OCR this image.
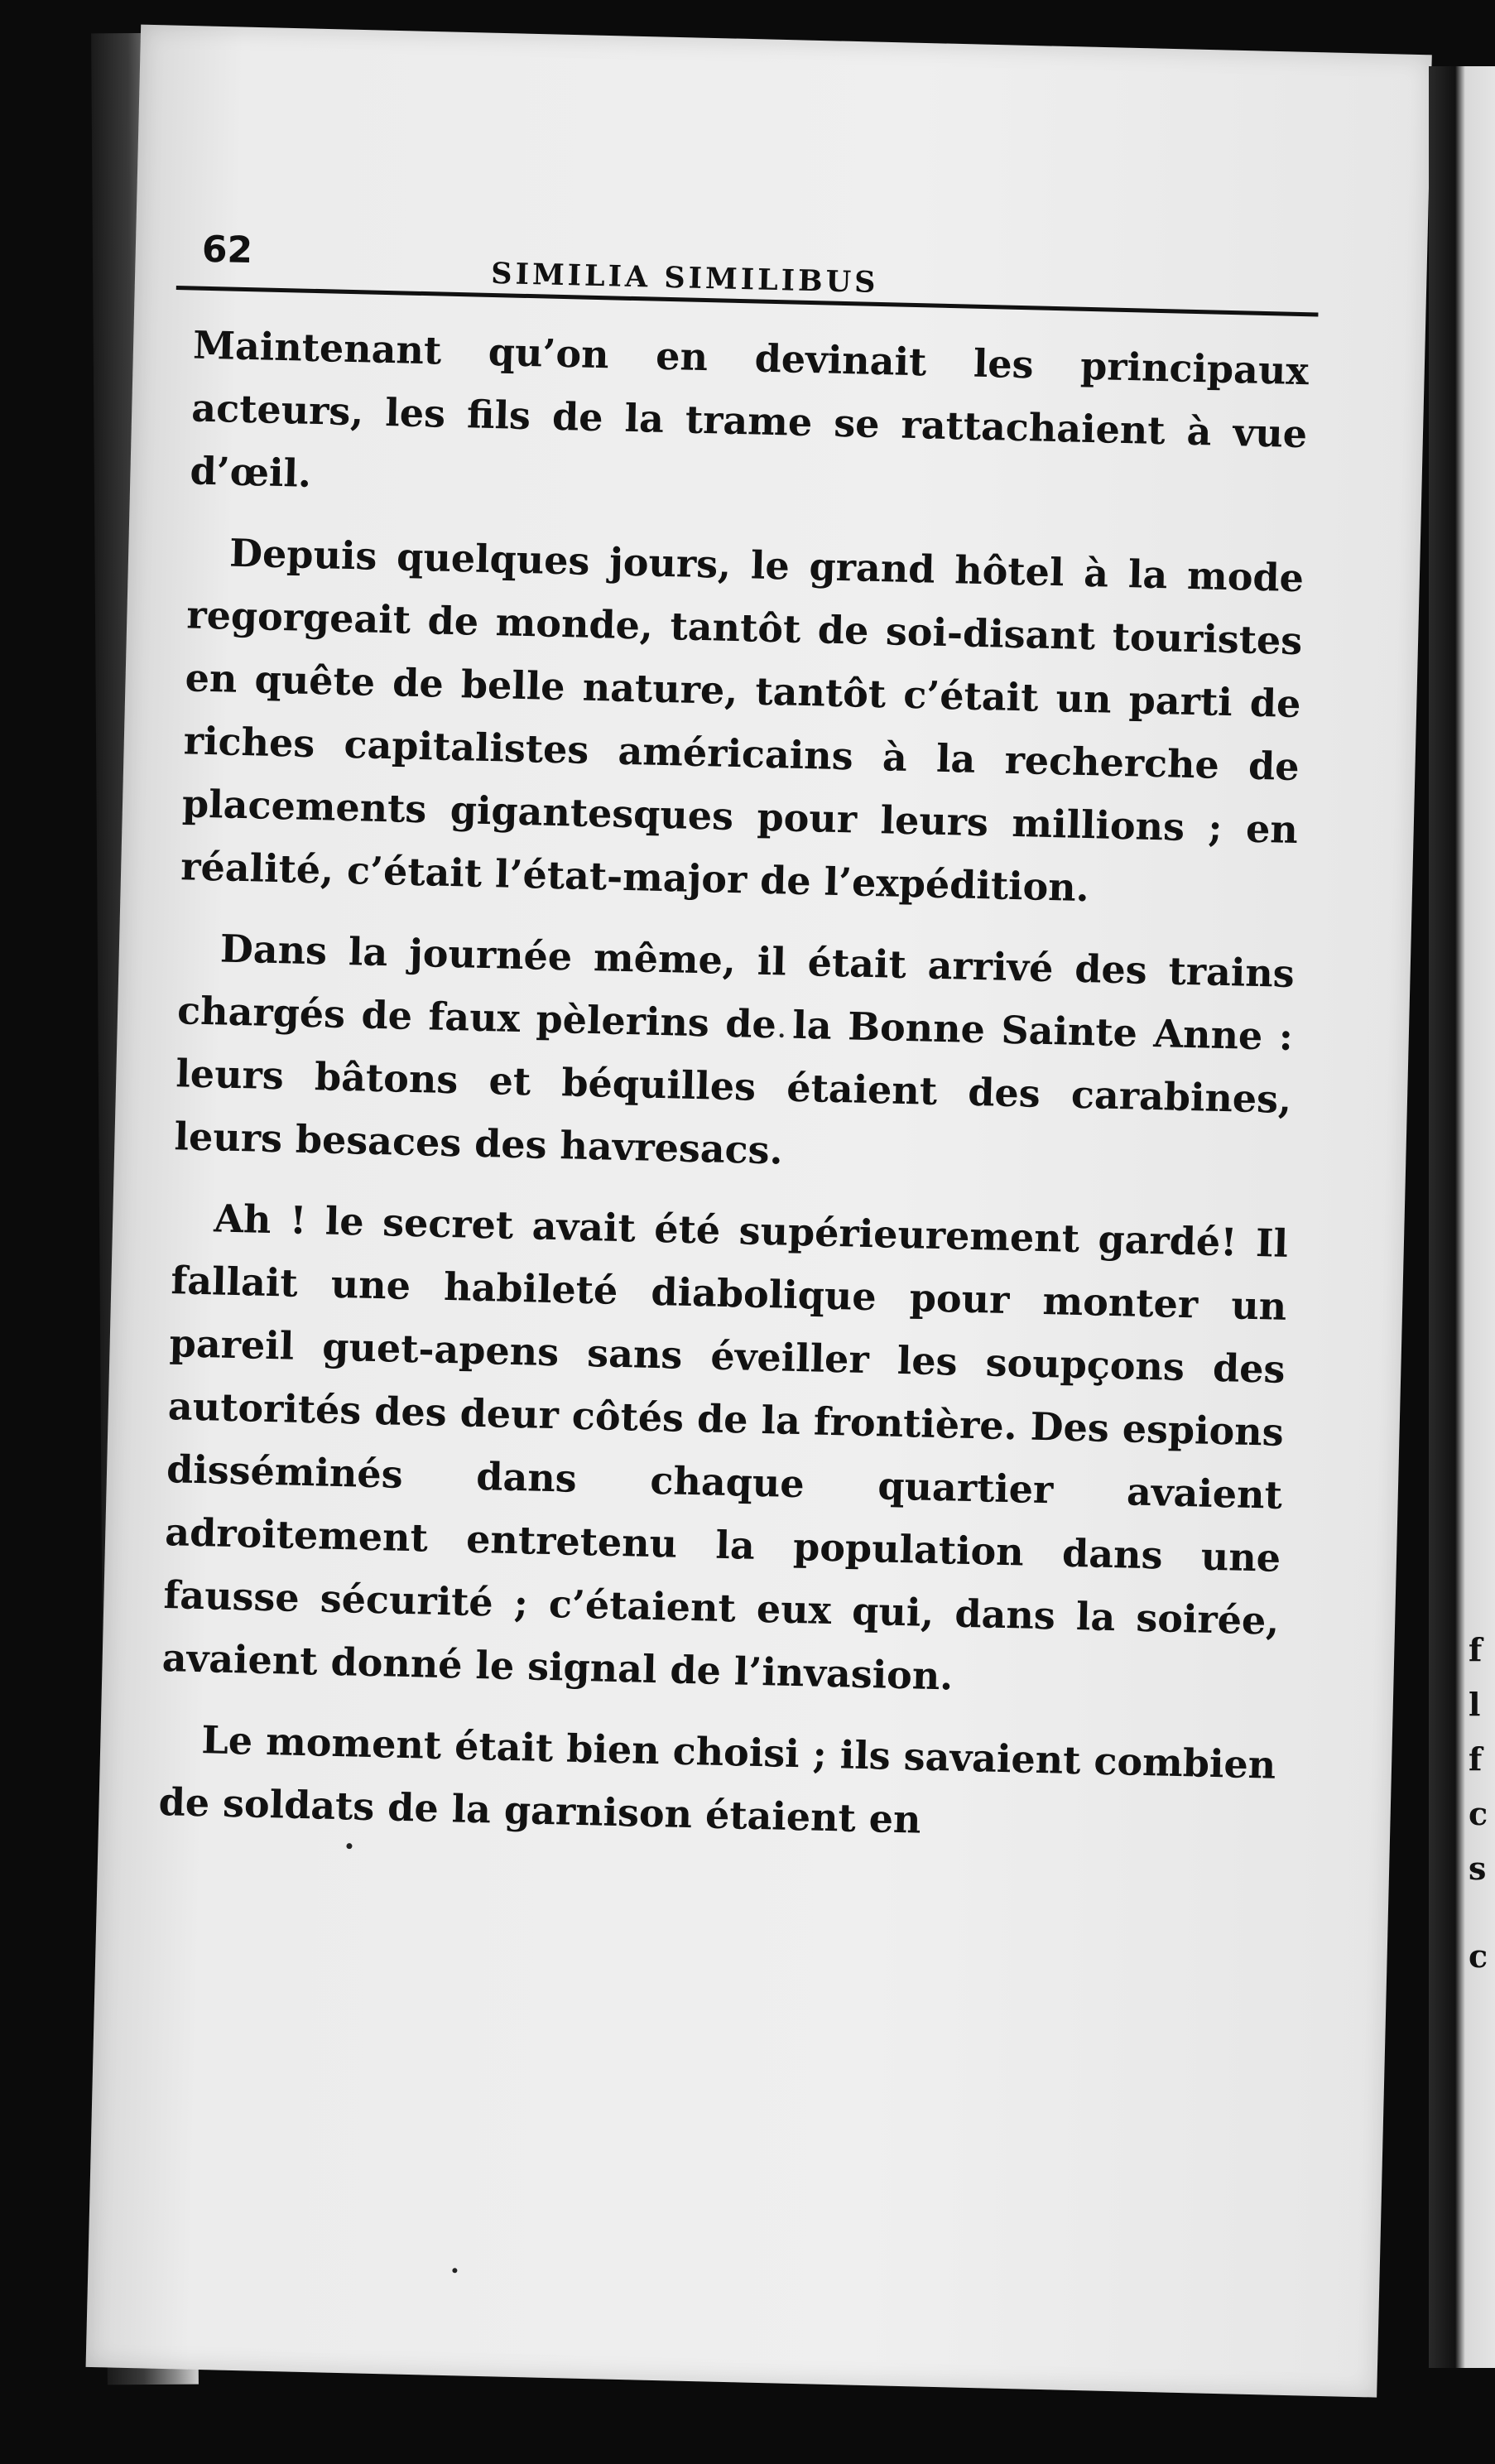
f
l
f
c
s
c
62
SIMILIA SIMILIBUS

Maintenant qu’on en devinait les principaux acteurs, les fils de la trame se rattachaient à vue d’œil.

Depuis quelques jours, le grand hôtel à la mode regorgeait de monde, tantôt de soi-disant touristes en quête de belle nature, tantôt c’était un parti de riches capitalistes américains à la recherche de placements gigantesques pour leurs millions ; en réalité, c’était l’état-major de l’expédition.

Dans la journée même, il était arrivé des trains chargés de faux pèlerins de la Bonne Sainte Anne : leurs bâtons et béquilles étaient des carabines, leurs besaces des havresacs.

Ah ! le secret avait été supérieurement gardé! Il fallait une habileté diabolique pour monter un pareil guet-apens sans éveiller les soupçons des autorités des deur côtés de la frontière. Des espions disséminés dans chaque quartier avaient adroitement entretenu la population dans une fausse sécurité ; c’étaient eux qui, dans la soirée, avaient donné le signal de l’invasion.

Le moment était bien choisi ; ils savaient combien de soldats de la garnison étaient en
